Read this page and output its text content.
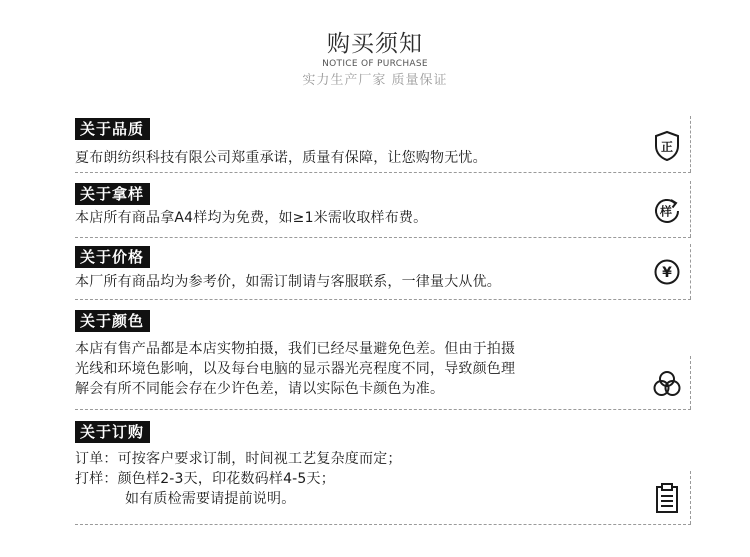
购买须知
NOTICE OF PURCHASE
实力生产厂家 质量保证
关于品质
夏布朗纺织科技有限公司郑重承诺，质量有保障，让您购物无忧。
正
关于拿样
本店所有商品拿A4样均为免费，如≥1米需收取样布费。	样
关于价格
本厂所有商品均为参考价，如需订制请与客服联系，一律量大从优。
¥
关于颜色
本店有售产品都是本店实物拍摄，我们已经尽量避免色差。但由于拍摄
光线和环境色影响，以及每台电脑的显示器光亮程度不同，导致颜色理
解会有所不同能会存在少许色差，请以实际色卡颜色为准。
关于订购
订单：可按客户要求订制，时间视工艺复杂度而定；
打样：颜色样2-3天，印花数码样4-5天；
如有质检需要请提前说明。
